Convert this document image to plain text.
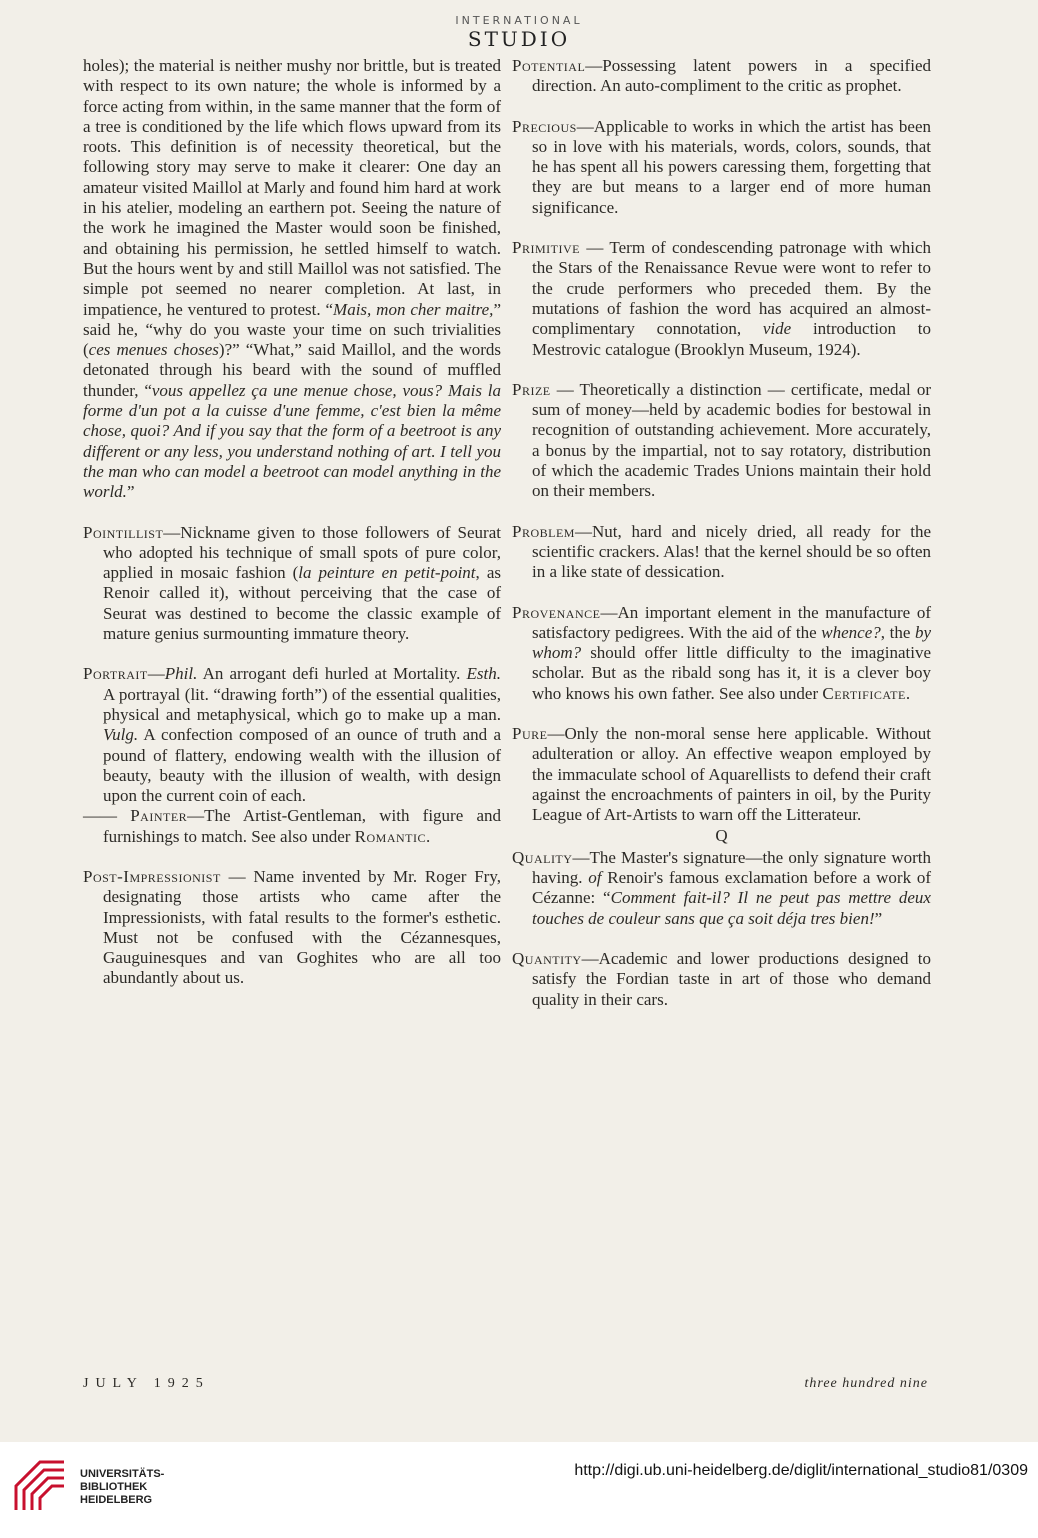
INTERNATIONAL
STUDIO

holes); the material is neither mushy nor brittle, but is treated with respect to its own nature; the whole is informed by a force acting from within, in the same manner that the form of a tree is conditioned by the life which flows upward from its roots. This definition is of necessity theoretical, but the following story may serve to make it clearer: One day an amateur visited Maillol at Marly and found him hard at work in his atelier, modeling an earthern pot. Seeing the nature of the work he imagined the Master would soon be finished, and obtaining his permission, he settled himself to watch. But the hours went by and still Maillol was not satisfied. The simple pot seemed no nearer completion. At last, in impatience, he ventured to protest. “Mais, mon cher maitre,” said he, “why do you waste your time on such trivialities (ces menues choses)?” “What,” said Maillol, and the words detonated through his beard with the sound of muffled thunder, “vous appellez ça une menue chose, vous? Mais la forme d'un pot a la cuisse d'une femme, c'est bien la même chose, quoi? And if you say that the form of a beetroot is any different or any less, you understand nothing of art. I tell you the man who can model a beetroot can model anything in the world.”

Pointillist—Nickname given to those followers of Seurat who adopted his technique of small spots of pure color, applied in mosaic fashion (la peinture en petit-point, as Renoir called it), without perceiving that the case of Seurat was destined to become the classic example of mature genius surmounting immature theory.

Portrait—Phil. An arrogant defi hurled at Mortality. Esth. A portrayal (lit. “drawing forth”) of the essential qualities, physical and metaphysical, which go to make up a man. Vulg. A confection composed of an ounce of truth and a pound of flattery, endowing wealth with the illusion of beauty, beauty with the illusion of wealth, with design upon the current coin of each.

—— Painter—The Artist-Gentleman, with figure and furnishings to match. See also under Romantic.

Post-Impressionist — Name invented by Mr. Roger Fry, designating those artists who came after the Impressionists, with fatal results to the former's esthetic. Must not be confused with the Cézannesques, Gauguinesques and van Goghites who are all too abundantly about us.

Potential—Possessing latent powers in a specified direction. An auto-compliment to the critic as prophet.

Precious—Applicable to works in which the artist has been so in love with his materials, words, colors, sounds, that he has spent all his powers caressing them, forgetting that they are but means to a larger end of more human significance.

Primitive — Term of condescending patronage with which the Stars of the Renaissance Revue were wont to refer to the crude performers who preceded them. By the mutations of fashion the word has acquired an almost-complimentary connotation, vide introduction to Mestrovic catalogue (Brooklyn Museum, 1924).

Prize — Theoretically a distinction — certificate, medal or sum of money—held by academic bodies for bestowal in recognition of outstanding achievement. More accurately, a bonus by the impartial, not to say rotatory, distribution of which the academic Trades Unions maintain their hold on their members.

Problem—Nut, hard and nicely dried, all ready for the scientific crackers. Alas! that the kernel should be so often in a like state of dessication.

Provenance—An important element in the manufacture of satisfactory pedigrees. With the aid of the whence?, the by whom? should offer little difficulty to the imaginative scholar. But as the ribald song has it, it is a clever boy who knows his own father. See also under Certificate.

Pure—Only the non-moral sense here applicable. Without adulteration or alloy. An effective weapon employed by the immaculate school of Aquarellists to defend their craft against the encroachments of painters in oil, by the Purity League of Art-Artists to warn off the Litterateur.

Q

Quality—The Master's signature—the only signature worth having. of Renoir's famous exclamation before a work of Cézanne: “Comment fait-il? Il ne peut pas mettre deux touches de couleur sans que ça soit déja tres bien!”

Quantity—Academic and lower productions designed to satisfy the Fordian taste in art of those who demand quality in their cars.

JULY 1925	three hundred nine
UNIVERSITÄTS-
BIBLIOTHEK
HEIDELBERG
http://digi.ub.uni-heidelberg.de/diglit/international_studio81/0309
